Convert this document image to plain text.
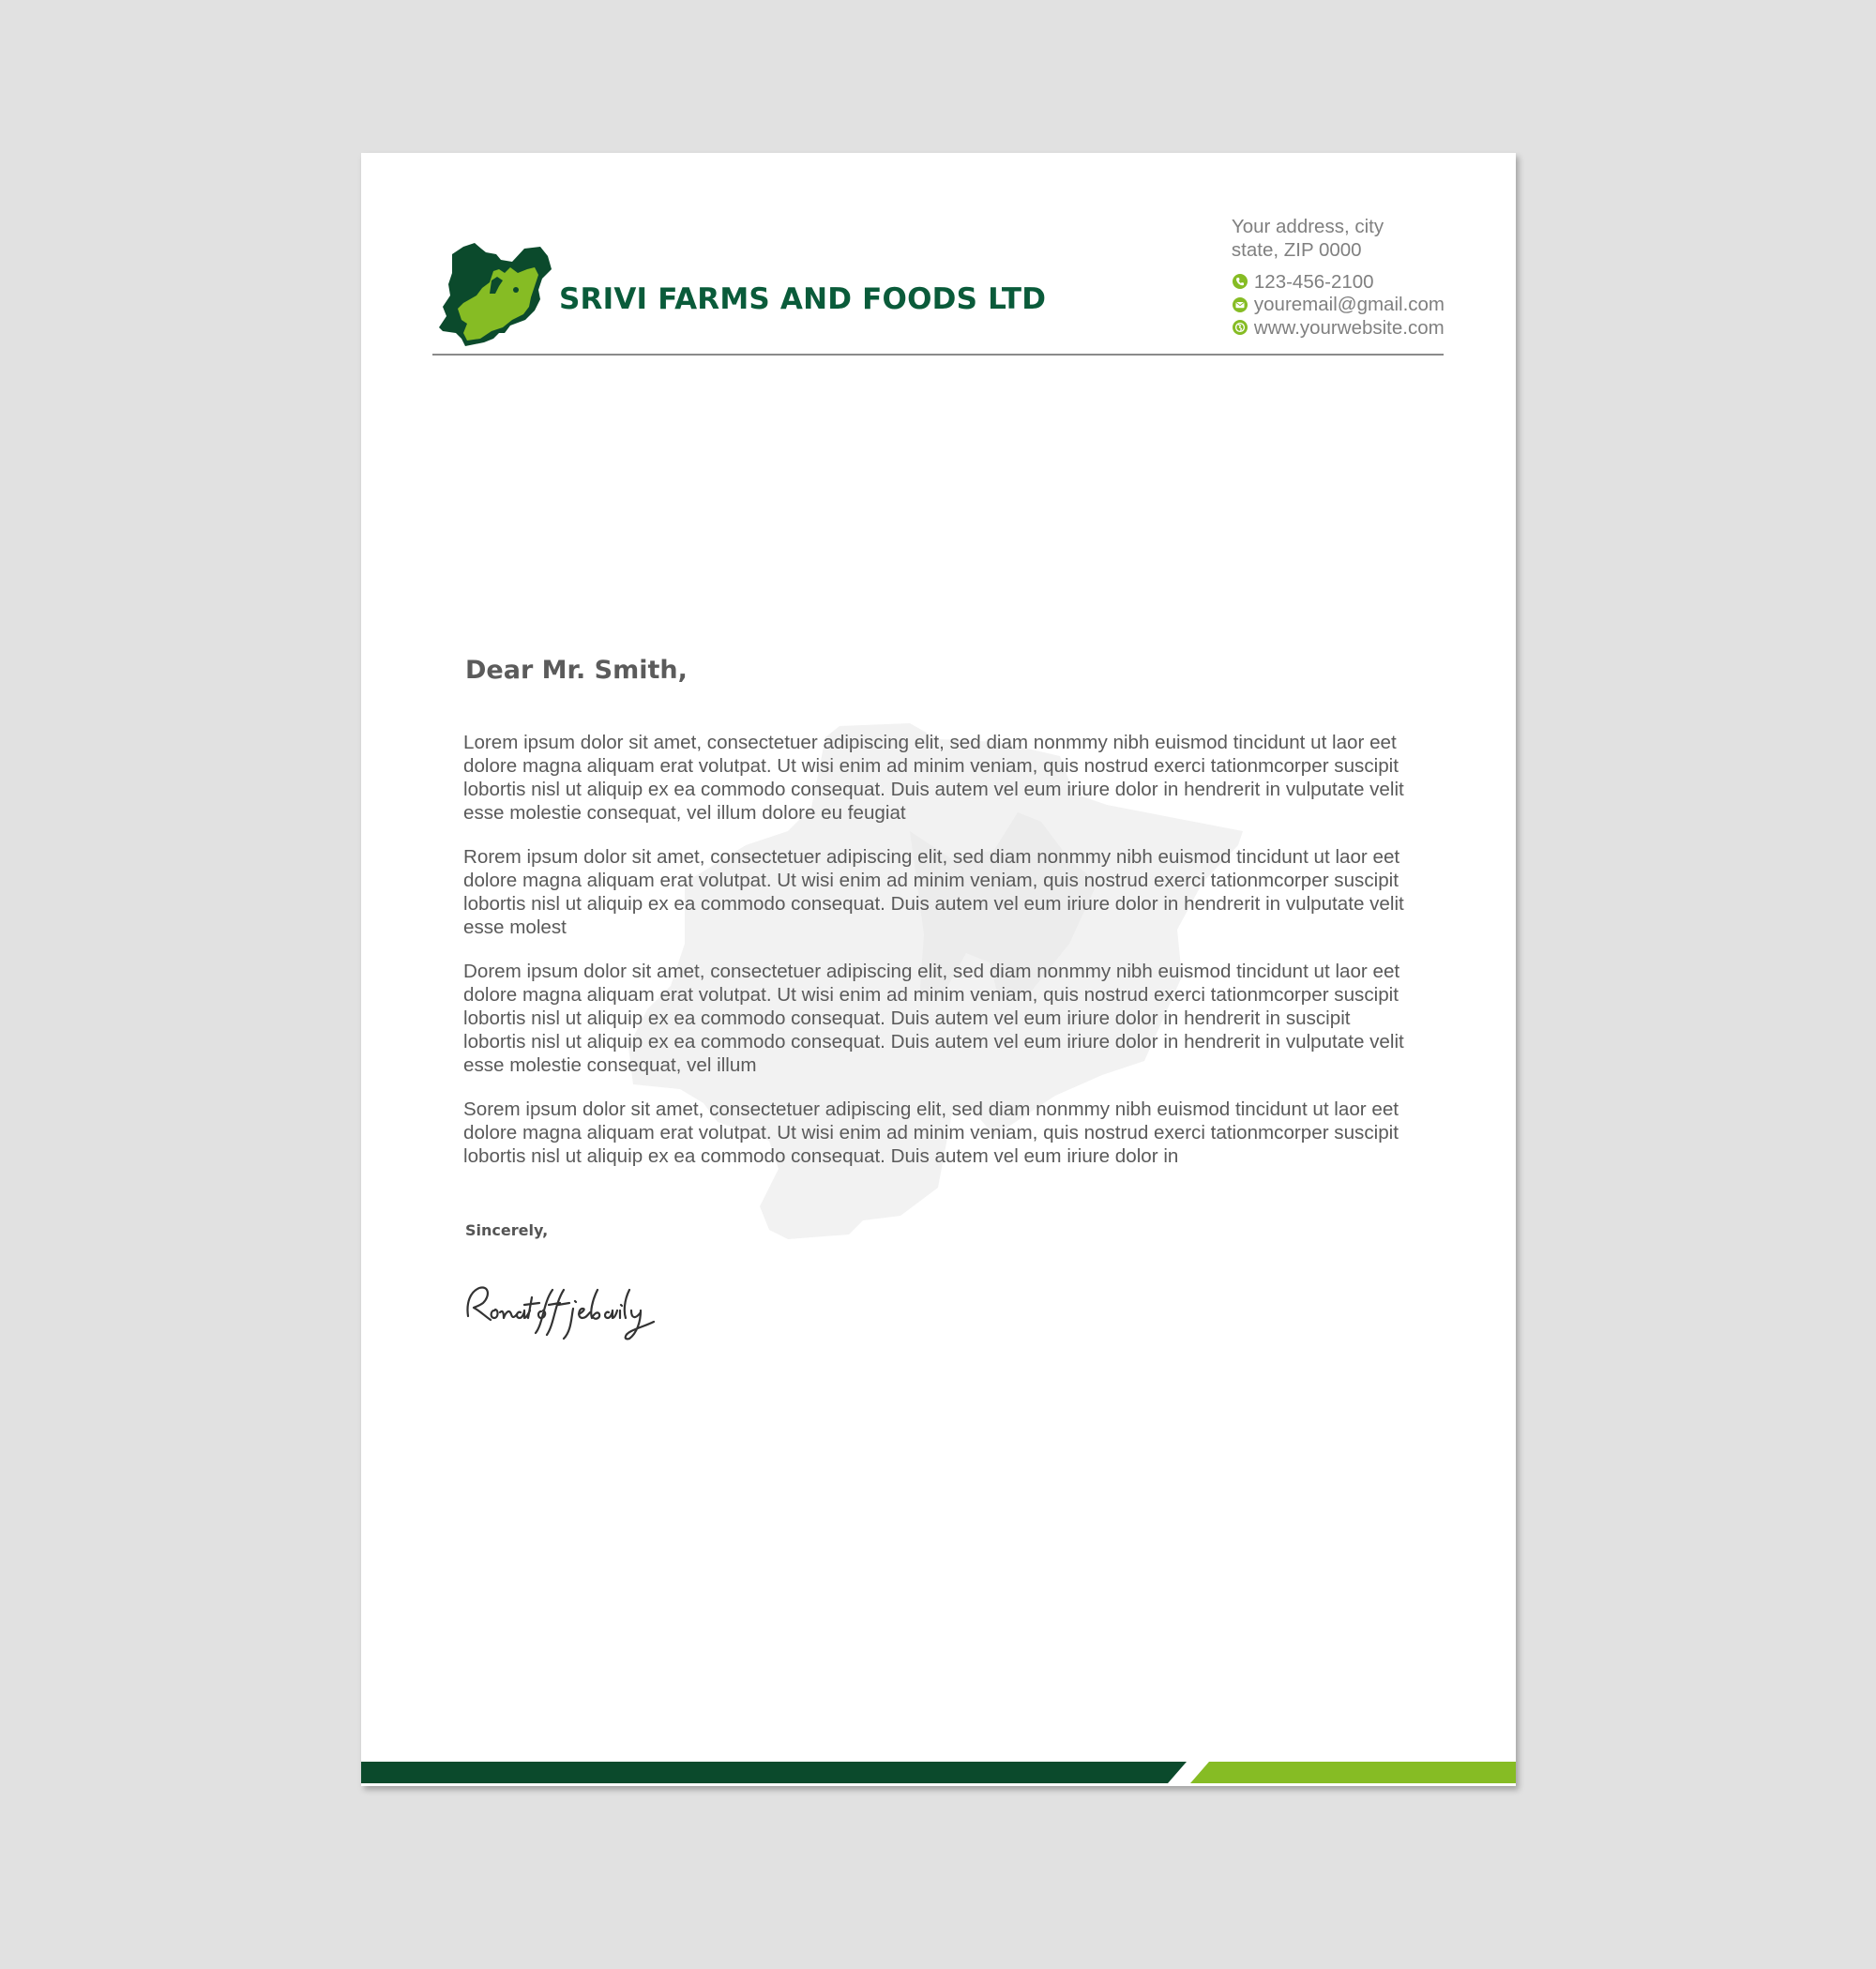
SRIVI FARMS AND FOODS LTD
Your address, city
state, ZIP 0000
123-456-2100
youremail@gmail.com
www.yourwebsite.com
Dear Mr. Smith,

Lorem ipsum dolor sit amet, consectetuer adipiscing elit, sed diam nonmmy nibh euismod tincidunt ut laor eet dolore magna aliquam erat volutpat. Ut wisi enim ad minim veniam, quis nostrud exerci tationmcorper suscipit lobortis nisl ut aliquip ex ea commodo consequat. Duis autem vel eum iriure dolor in hendrerit in vulputate velit esse molestie consequat, vel illum dolore eu feugiat

Rorem ipsum dolor sit amet, consectetuer adipiscing elit, sed diam nonmmy nibh euismod tincidunt ut laor eet dolore magna aliquam erat volutpat. Ut wisi enim ad minim veniam, quis nostrud exerci tationmcorper suscipit lobortis nisl ut aliquip ex ea commodo consequat. Duis autem vel eum iriure dolor in hendrerit in vulputate velit esse molest

Dorem ipsum dolor sit amet, consectetuer adipiscing elit, sed diam nonmmy nibh euismod tincidunt ut laor eet dolore magna aliquam erat volutpat. Ut wisi enim ad minim veniam, quis nostrud exerci tationmcorper suscipit lobortis nisl ut aliquip ex ea commodo consequat. Duis autem vel eum iriure dolor in hendrerit in suscipit lobortis nisl ut aliquip ex ea commodo consequat. Duis autem vel eum iriure dolor in hendrerit in vulputate velit esse molestie consequat, vel illum

Sorem ipsum dolor sit amet, consectetuer adipiscing elit, sed diam nonmmy nibh euismod tincidunt ut laor eet dolore magna aliquam erat volutpat. Ut wisi enim ad minim veniam, quis nostrud exerci tationmcorper suscipit lobortis nisl ut aliquip ex ea commodo consequat. Duis autem vel eum iriure dolor in

Sincerely,
